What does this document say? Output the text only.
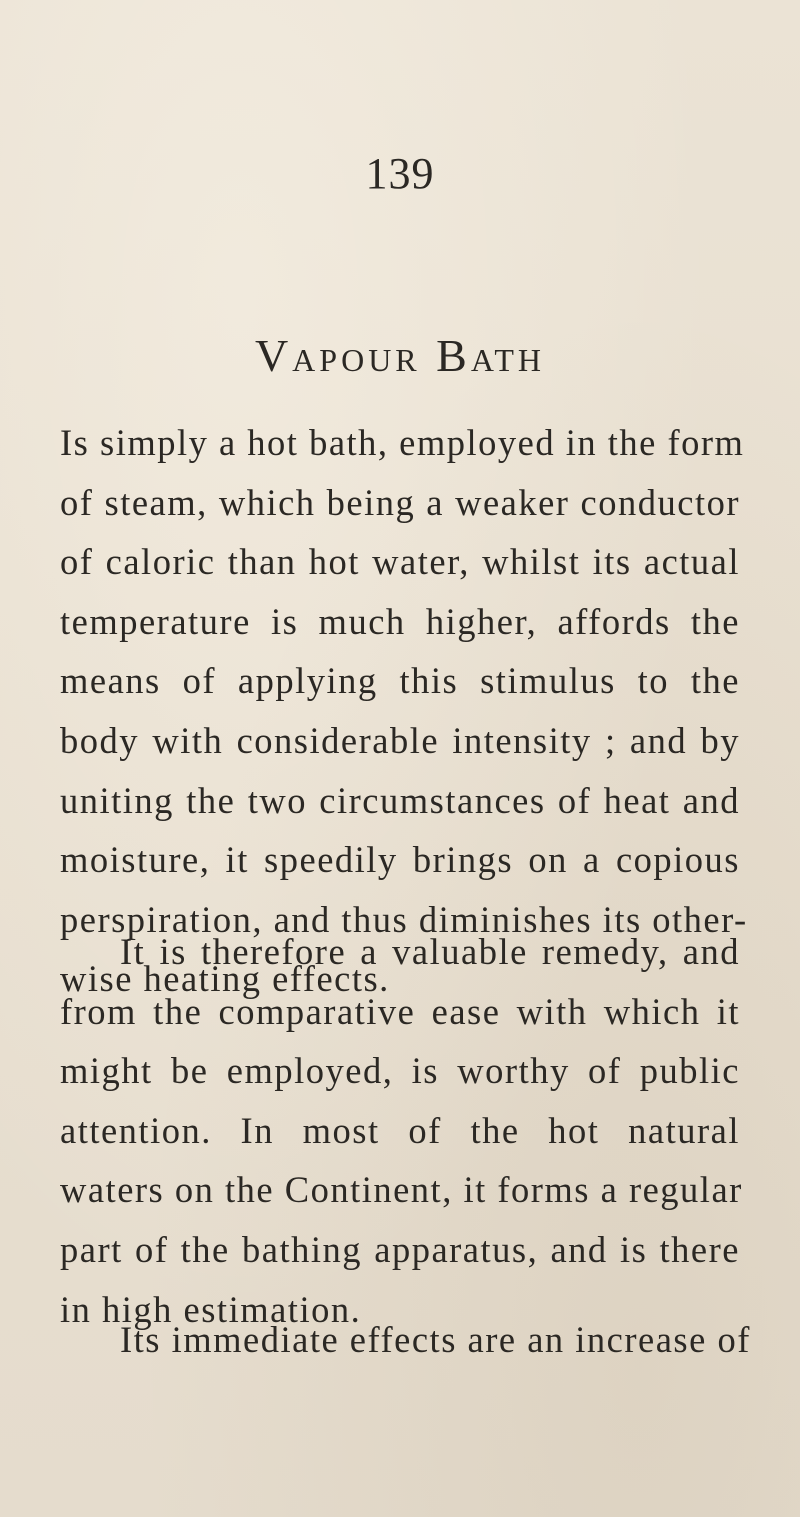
139
Vapour Bath
Is simply a hot bath, employed in the form
of steam, which being a weaker conductor
of caloric than hot water, whilst its actual
temperature is much higher, affords the
means of applying this stimulus to the
body with considerable intensity ; and by
uniting the two circumstances of heat and
moisture, it speedily brings on a copious
perspiration, and thus diminishes its other-
wise heating effects.
It is therefore a valuable remedy, and
from the comparative ease with which it
might be employed, is worthy of public
attention. In most of the hot natural
waters on the Continent, it forms a regular
part of the bathing apparatus, and is there
in high estimation.
Its immediate effects are an increase of
